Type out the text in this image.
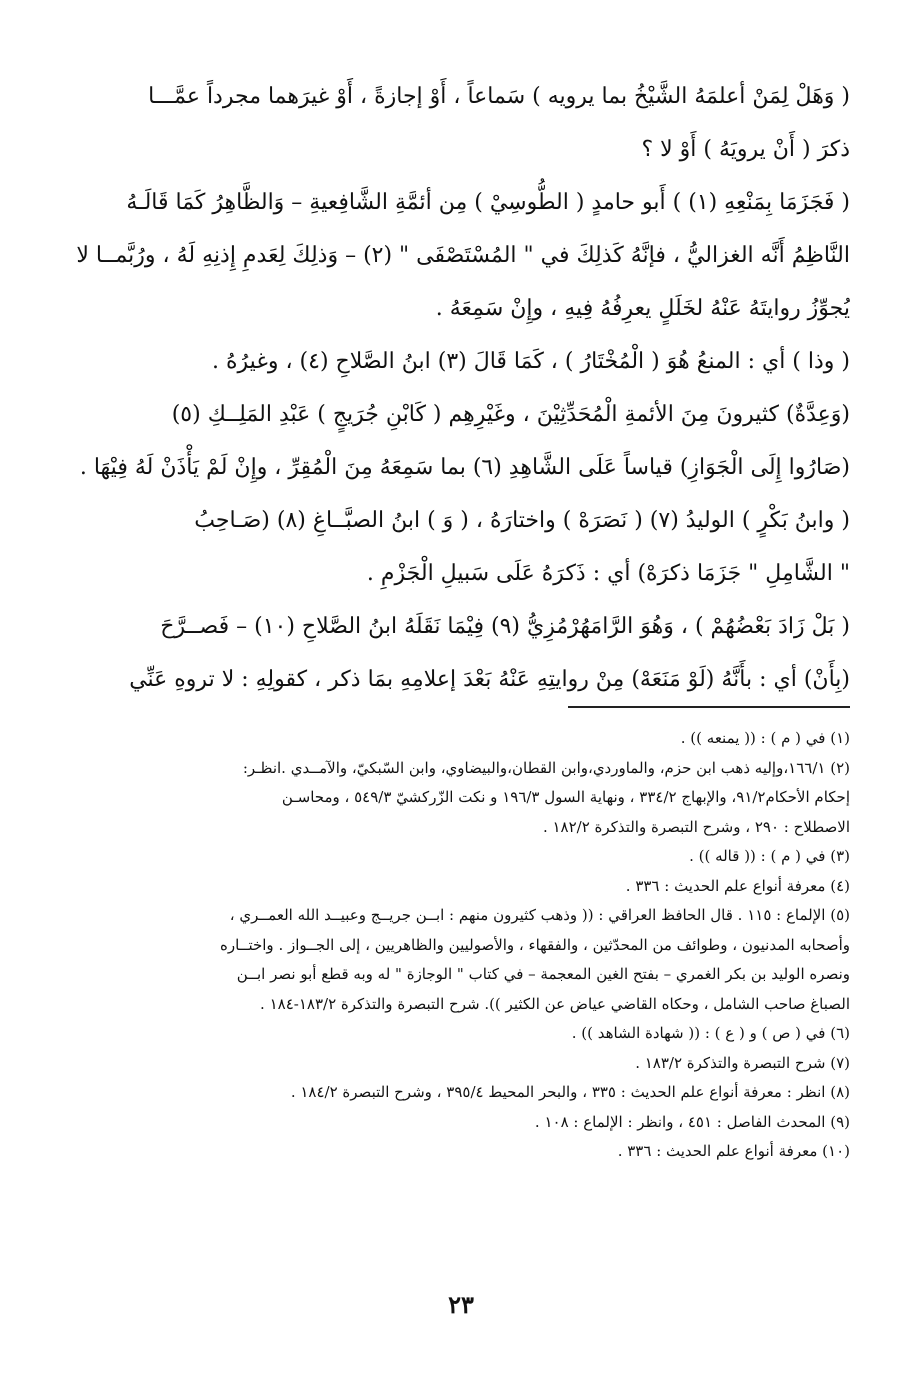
( وَهَلْ لِمَنْ أعلمَهُ الشَّيْخُ بما يرويه ) سَماعاً ، أَوْ إجازةً ، أَوْ غيرَهما مجرداً عمَّـــا
ذكرَ ( أَنْ يرويَهُ ) أَوْ لا ؟
( فَجَزَمَا بِمَنْعِهِ (١) ) أَبو حامدٍ ( الطُّوسِيْ ) مِن أئمَّةِ الشَّافِعيةِ – وَالظَّاهِرُ كَمَا قَالَـهُ
النَّاظِمُ أَنَّه الغزاليُّ ، فإنَّهُ كَذلِكَ في " المُسْتَصْفَى " (٢) – وَذلِكَ لِعَدمِ إِذنِهِ لَهُ ، ورُبَّمــا لا
يُجوِّزُ روايتَهُ عَنْهُ لخَلَلٍ يعرِفُهُ فِيهِ ، وإِنْ سَمِعَهُ .
( وذا ) أي : المنعُ هُوَ ( الْمُخْتَارُ ) ، كَمَا قَالَ (٣) ابنُ الصَّلاحِ (٤) ، وغيرُهُ .
(وَعِدَّةٌ) كثيرونَ مِنَ الأئمةِ الْمُحَدِّثِيْنَ ، وغَيْرِهِم ( كَابْنِ جُرَيجٍ ) عَبْدِ المَلِــكِ (٥)
(صَارُوا إِلَى الْجَوَازِ) قياساً عَلَى الشَّاهِدِ (٦) بما سَمِعَهُ مِنَ الْمُقِرِّ ، وإِنْ لَمْ يَأْذَنْ لَهُ فِيْهَا .
( وابنُ بَكْرٍ ) الوليدُ (٧) ( نَصَرَهْ ) واختارَهُ ، ( وَ ) ابنُ الصبَّــاغِ (٨) (صَـاحِبُ
" الشَّامِلِ " جَزَمَا ذكرَهْ) أي : ذَكرَهُ عَلَى سَبيلِ الْجَزْمِ .
( بَلْ زَادَ بَعْضُهُمْ ) ، وَهُوَ الرَّامَهُرْمُزِيُّ (٩) فِيْمَا نَقَلَهُ ابنُ الصَّلاحِ (١٠) – فَصــرَّحَ
(بِأَنْ) أي : بأَنَّهُ (لَوْ مَنَعَهْ) مِنْ روايتِهِ عَنْهُ بَعْدَ إعلامِهِ بمَا ذكر ، كقولِهِ : لا تروهِ عَنِّي
(١) في ( م ) : (( يمنعه )) .
(٢) ١٦٦/١،وإليه ذهب ابن حزم، والماوردي،وابن القطان،والبيضاوي، وابن السّبكيّ، والآمــدي .انظـر:
إحكام الأحكام٩١/٢، والإبهاج ٣٣٤/٢ ، ونهاية السول ١٩٦/٣ و نكت الزّركشيّ ٥٤٩/٣ ، ومحاسـن
الاصطلاح : ٢٩٠ ، وشرح التبصرة والتذكرة ١٨٢/٢ .
(٣) في ( م ) : (( قاله )) .
(٤) معرفة أنواع علم الحديث : ٣٣٦ .
(٥) الإلماع : ١١٥ . قال الحافظ العراقي : (( وذهب كثيرون منهم : ابــن جريــج وعبيــد الله العمــري ،
وأصحابه المدنيون ، وطوائف من المحدّثين ، والفقهاء ، والأصوليين والظاهريين ، إلى الجــواز . واختــاره
ونصره الوليد بن بكر الغمري – بفتح الغين المعجمة – في كتاب " الوجازة " له وبه قطع أبو نصر ابــن
الصباغ صاحب الشامل ، وحكاه القاضي عياض عن الكثير )). شرح التبصرة والتذكرة ١٨٣/٢-١٨٤ .
(٦) في ( ص ) و ( ع ) : (( شهادة الشاهد )) .
(٧) شرح التبصرة والتذكرة ١٨٣/٢ .
(٨) انظر : معرفة أنواع علم الحديث : ٣٣٥ ، والبحر المحيط ٣٩٥/٤ ، وشرح التبصرة ١٨٤/٢ .
(٩) المحدث الفاصل : ٤٥١ ، وانظر : الإلماع : ١٠٨ .
(١٠) معرفة أنواع علم الحديث : ٣٣٦ .
٢٣
